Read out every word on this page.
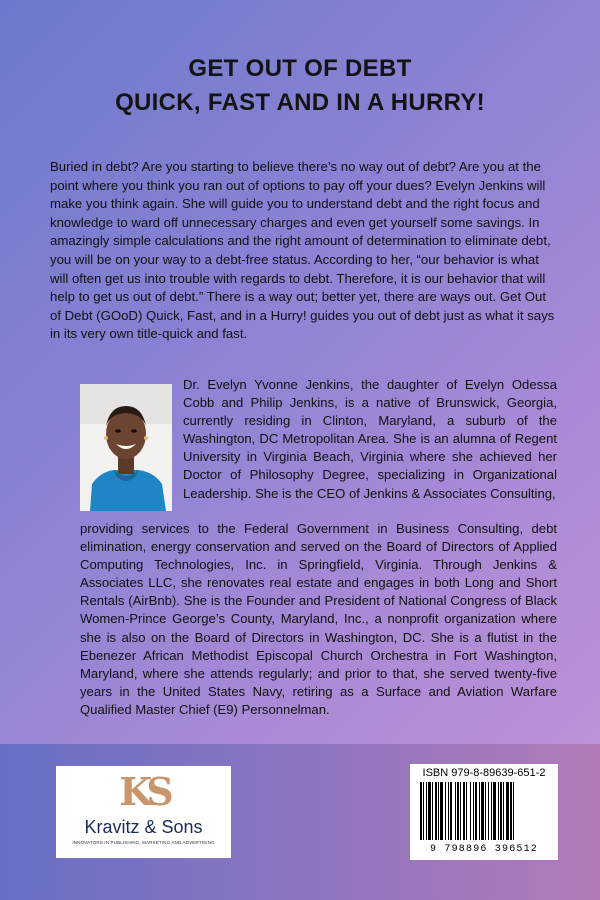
GET OUT OF DEBT
QUICK, FAST AND IN A HURRY!

Buried in debt? Are you starting to believe there’s no way out of debt? Are you at the point where you think you ran out of options to pay off your dues? Evelyn Jenkins will make you think again. She will guide you to understand debt and the right focus and knowledge to ward off unnecessary charges and even get yourself some savings. In amazingly simple calculations and the right amount of determination to eliminate debt, you will be on your way to a debt-free status. According to her, “our behavior is what will often get us into trouble with regards to debt. Therefore, it is our behavior that will help to get us out of debt.” There is a way out; better yet, there are ways out. Get Out of Debt (GOoD) Quick, Fast, and in a Hurry! guides you out of debt just as what it says in its very own title-quick and fast.

Dr. Evelyn Yvonne Jenkins, the daughter of Evelyn Odessa Cobb and Philip Jenkins, is a native of Brunswick, Georgia, currently residing in Clinton, Maryland, a suburb of the Washington, DC Metropolitan Area. She is an alumna of Regent University in Virginia Beach, Virginia where she achieved her Doctor of Philosophy Degree, specializing in Organizational Leadership. She is the CEO of Jenkins & Associates Consulting,
providing services to the Federal Government in Business Consulting, debt elimination, energy conservation and served on the Board of Directors of Applied Computing Technologies, Inc. in Springfield, Virginia. Through Jenkins & Associates LLC, she renovates real estate and engages in both Long and Short Rentals (AirBnb). She is the Founder and President of National Congress of Black Women-Prince George’s County, Maryland, Inc., a nonprofit organization where she is also on the Board of Directors in Washington, DC. She is a flutist in the Ebenezer African Methodist Episcopal Church Orchestra in Fort Washington, Maryland, where she attends regularly; and prior to that, she served twenty-five years in the United States Navy, retiring as a Surface and Aviation Warfare Qualified Master Chief (E9) Personnelman.
KS
Kravitz & Sons
INNOVATORS IN PUBLISHING, MARKETING AND ADVERTISING
ISBN 979-8-89639-651-2
9 798896 396512
